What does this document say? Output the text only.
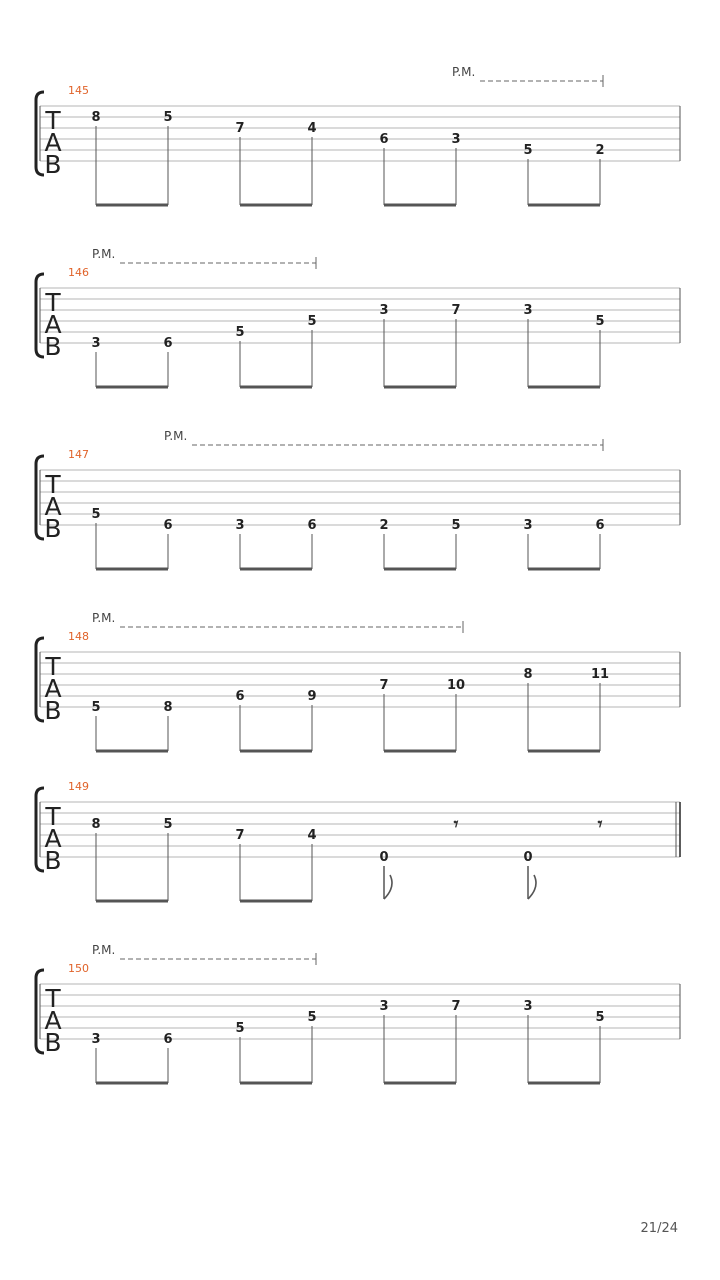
T
A
B
145
P.M.
8	5
7	4
6	3
5	2
T
A
B
146
P.M.
3	6
5
5
3	7	3
5
T
A
B
147
P.M.
5
6	3	6	2	5	3	6
T
A
B
148
P.M.
5	8
6	9
7	10
8	11
T
A
B
149
8	5
7	4
0
𝄾
0
𝄾
T
A
B
150
P.M.
3	6
5
5
3	7	3
5
21/24
